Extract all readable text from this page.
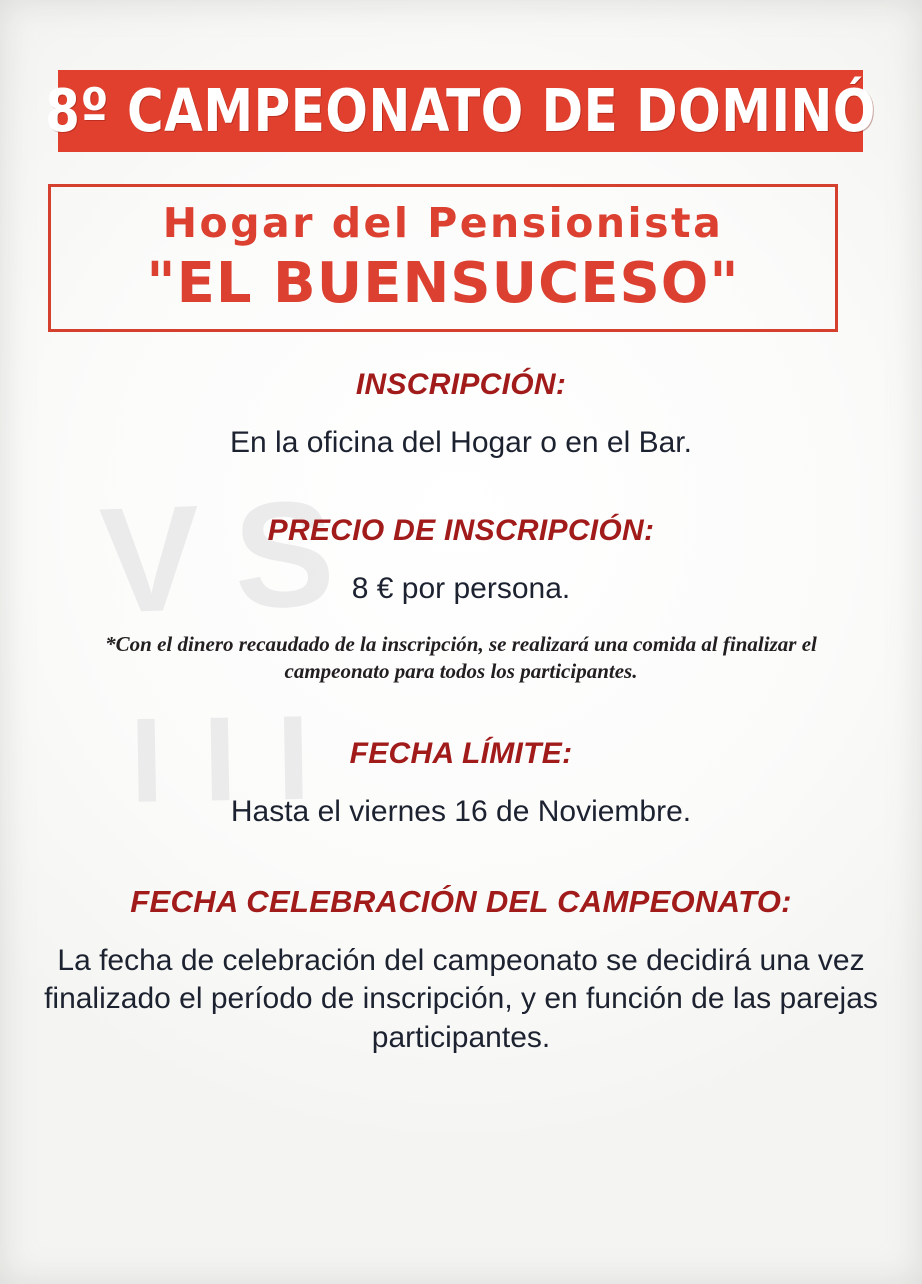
VS
III
8º CAMPEONATO DE DOMINÓ
Hogar del Pensionista
"EL BUENSUCESO"
INSCRIPCIÓN:
En la oficina del Hogar o en el Bar.
PRECIO DE INSCRIPCIÓN:
8 € por persona.
*Con el dinero recaudado de la inscripción, se realizará una comida al finalizar el campeonato para todos los participantes.
FECHA LÍMITE:
Hasta el viernes 16 de Noviembre.
FECHA CELEBRACIÓN DEL CAMPEONATO:
La fecha de celebración del campeonato se decidirá una vez finalizado el período de inscripción, y en función de las parejas participantes.
